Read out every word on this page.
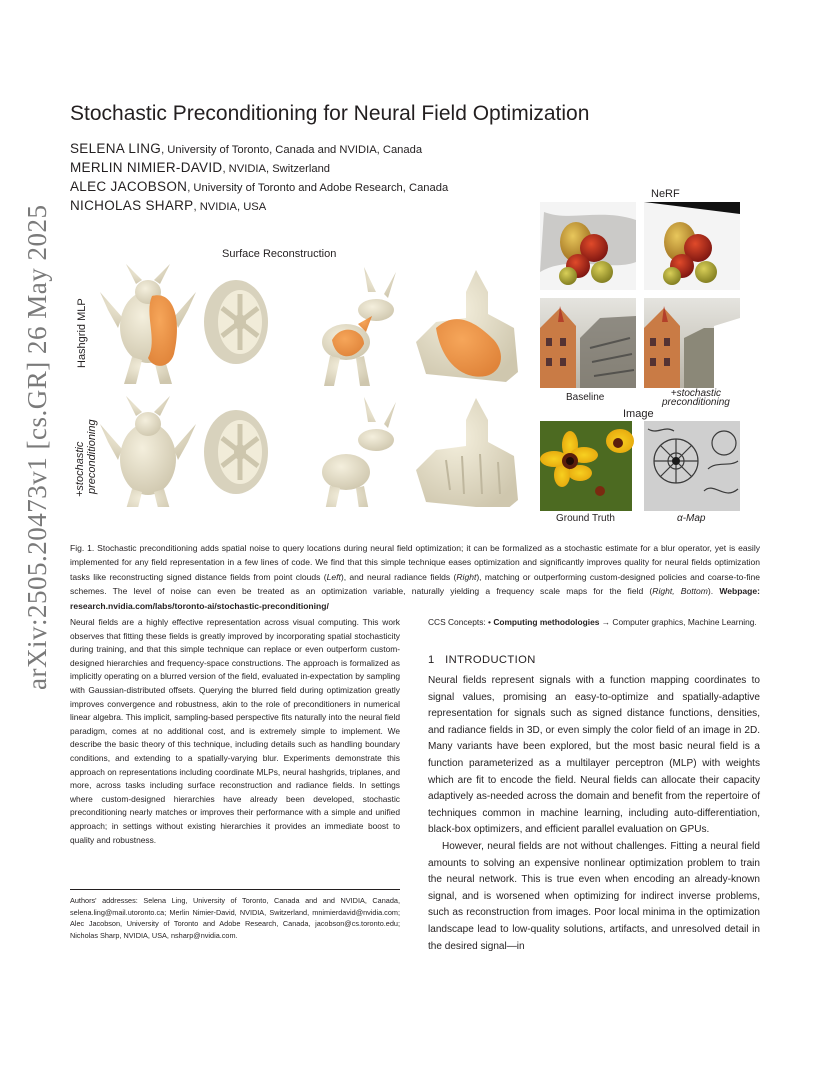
arXiv:2505.20473v1 [cs.GR] 26 May 2025
Stochastic Preconditioning for Neural Field Optimization
SELENA LING, University of Toronto, Canada and NVIDIA, Canada
MERLIN NIMIER-DAVID, NVIDIA, Switzerland
ALEC JACOBSON, University of Toronto and Adobe Research, Canada
NICHOLAS SHARP, NVIDIA, USA
Surface Reconstruction
Hashgrid MLP
+stochastic preconditioning
NeRF
Baseline	+stochastic
preconditioning
Image
Ground Truth	α-Map
Fig. 1. Stochastic preconditioning adds spatial noise to query locations during neural field optimization; it can be formalized as a stochastic estimate for a blur operator, yet is easily implemented for any field representation in a few lines of code. We find that this simple technique eases optimization and significantly improves quality for neural fields optimization tasks like reconstructing signed distance fields from point clouds (Left), and neural radiance fields (Right), matching or outperforming custom-designed policies and coarse-to-fine schemes. The level of noise can even be treated as an optimization variable, naturally yielding a frequency scale maps for the field (Right, Bottom). Webpage: research.nvidia.com/labs/toronto-ai/stochastic-preconditioning/
Neural fields are a highly effective representation across visual computing. This work observes that fitting these fields is greatly improved by incorporating spatial stochasticity during training, and that this simple technique can replace or even outperform custom-designed hierarchies and frequency-space constructions. The approach is formalized as implicitly operating on a blurred version of the field, evaluated in-expectation by sampling with Gaussian-distributed offsets. Querying the blurred field during optimization greatly improves convergence and robustness, akin to the role of preconditioners in numerical linear algebra. This implicit, sampling-based perspective fits naturally into the neural field paradigm, comes at no additional cost, and is extremely simple to implement. We describe the basic theory of this technique, including details such as handling boundary conditions, and extending to a spatially-varying blur. Experiments demonstrate this approach on representations including coordinate MLPs, neural hashgrids, triplanes, and more, across tasks including surface reconstruction and radiance fields. In settings where custom-designed hierarchies have already been developed, stochastic preconditioning nearly matches or improves their performance with a simple and unified approach; in settings without existing hierarchies it provides an immediate boost to quality and robustness.
Authors' addresses: Selena Ling, University of Toronto, Canada and and NVIDIA, Canada, selena.ling@mail.utoronto.ca; Merlin Nimier-David, NVIDIA, Switzerland, mnimierdavid@nvidia.com; Alec Jacobson, University of Toronto and Adobe Research, Canada, jacobson@cs.toronto.edu; Nicholas Sharp, NVIDIA, USA, nsharp@nvidia.com.
CCS Concepts: • Computing methodologies → Computer graphics, Machine Learning.
1 INTRODUCTION

Neural fields represent signals with a function mapping coordinates to signal values, promising an easy-to-optimize and spatially-adaptive representation for signals such as signed distance functions, densities, and radiance fields in 3D, or even simply the color field of an image in 2D. Many variants have been explored, but the most basic neural field is a function parameterized as a multilayer perceptron (MLP) with weights which are fit to encode the field. Neural fields can allocate their capacity adaptively as-needed across the domain and benefit from the repertoire of techniques common in machine learning, including auto-differentiation, black-box optimizers, and efficient parallel evaluation on GPUs.

However, neural fields are not without challenges. Fitting a neural field amounts to solving an expensive nonlinear optimization problem to train the neural network. This is true even when encoding an already-known signal, and is worsened when optimizing for indirect inverse problems, such as reconstruction from images. Poor local minima in the optimization landscape lead to low-quality solutions, artifacts, and unresolved detail in the desired signal—in
